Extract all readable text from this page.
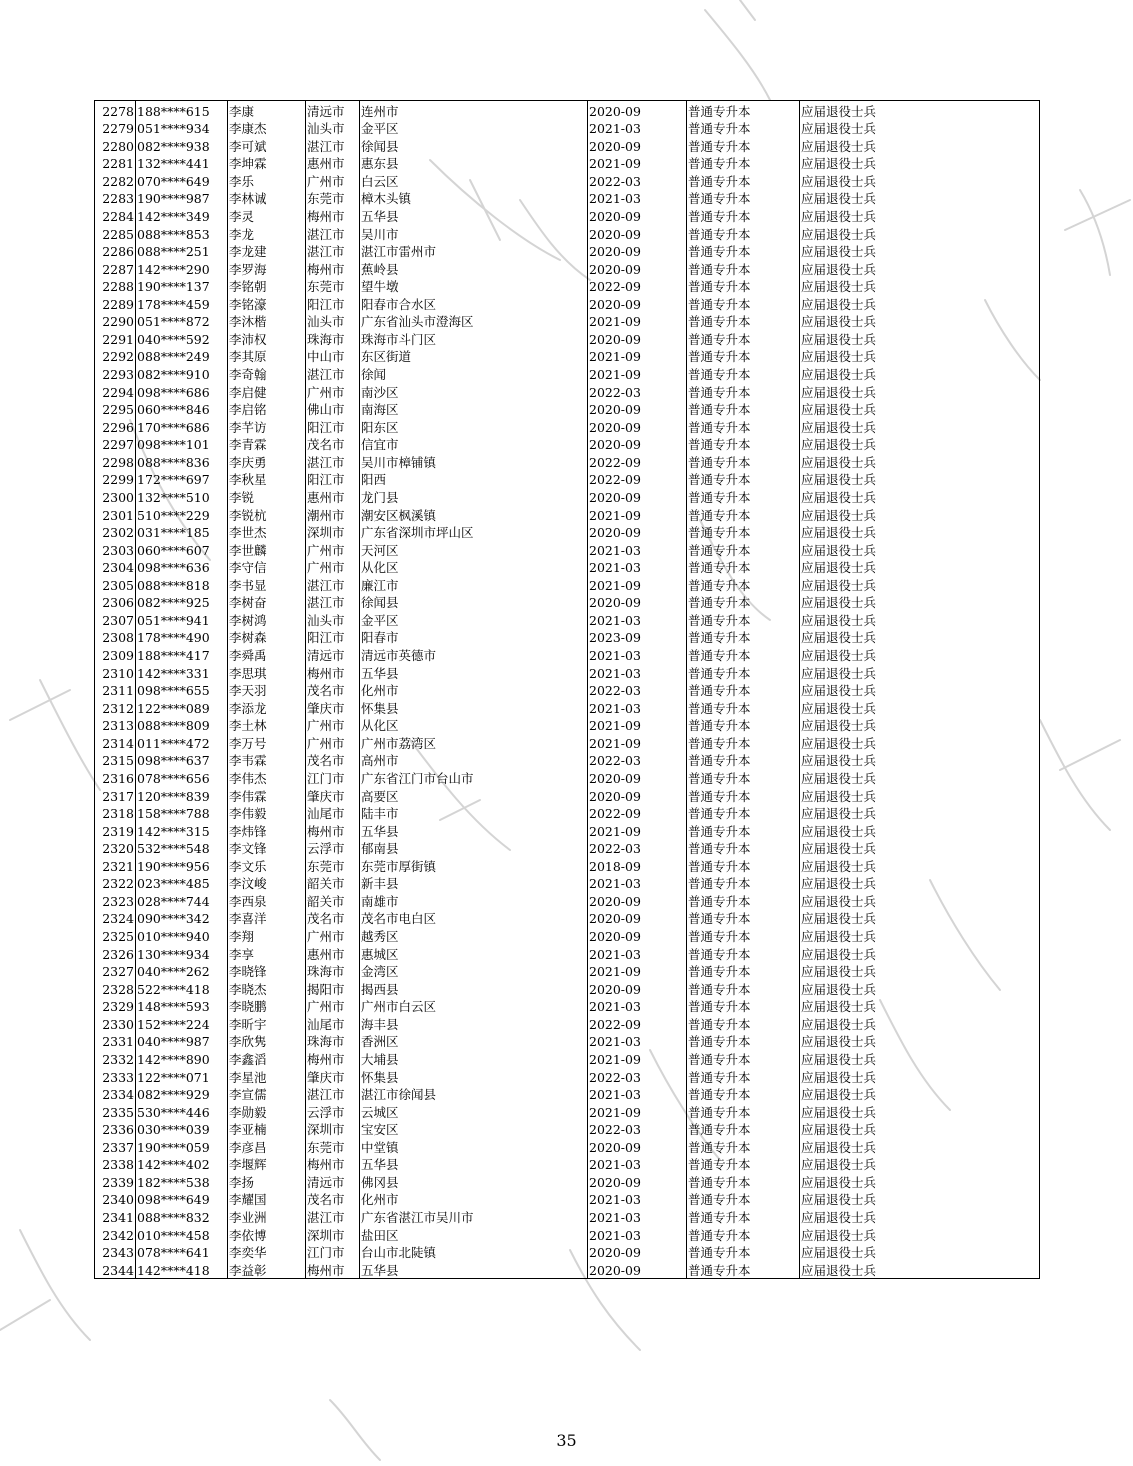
2278	188****615	李康	清远市	连州市	2020-09	普通专升本	应届退役士兵
2279	051****934	李康杰	汕头市	金平区	2021-03	普通专升本	应届退役士兵
2280	082****938	李可斌	湛江市	徐闻县	2020-09	普通专升本	应届退役士兵
2281	132****441	李坤霖	惠州市	惠东县	2021-09	普通专升本	应届退役士兵
2282	070****649	李乐	广州市	白云区	2022-03	普通专升本	应届退役士兵
2283	190****987	李林诚	东莞市	樟木头镇	2021-03	普通专升本	应届退役士兵
2284	142****349	李灵	梅州市	五华县	2020-09	普通专升本	应届退役士兵
2285	088****853	李龙	湛江市	吴川市	2020-09	普通专升本	应届退役士兵
2286	088****251	李龙建	湛江市	湛江市雷州市	2020-09	普通专升本	应届退役士兵
2287	142****290	李罗海	梅州市	蕉岭县	2020-09	普通专升本	应届退役士兵
2288	190****137	李铭朝	东莞市	望牛墩	2022-09	普通专升本	应届退役士兵
2289	178****459	李铭濠	阳江市	阳春市合水区	2020-09	普通专升本	应届退役士兵
2290	051****872	李沐楷	汕头市	广东省汕头市澄海区	2021-09	普通专升本	应届退役士兵
2291	040****592	李沛权	珠海市	珠海市斗门区	2020-09	普通专升本	应届退役士兵
2292	088****249	李其原	中山市	东区街道	2021-09	普通专升本	应届退役士兵
2293	082****910	李奇翰	湛江市	徐闻	2021-09	普通专升本	应届退役士兵
2294	098****686	李启健	广州市	南沙区	2022-03	普通专升本	应届退役士兵
2295	060****846	李启铭	佛山市	南海区	2020-09	普通专升本	应届退役士兵
2296	170****686	李芊访	阳江市	阳东区	2020-09	普通专升本	应届退役士兵
2297	098****101	李青霖	茂名市	信宜市	2020-09	普通专升本	应届退役士兵
2298	088****836	李庆勇	湛江市	吴川市樟铺镇	2022-09	普通专升本	应届退役士兵
2299	172****697	李秋星	阳江市	阳西	2022-09	普通专升本	应届退役士兵
2300	132****510	李锐	惠州市	龙门县	2020-09	普通专升本	应届退役士兵
2301	510****229	李锐杭	潮州市	潮安区枫溪镇	2021-09	普通专升本	应届退役士兵
2302	031****185	李世杰	深圳市	广东省深圳市坪山区	2020-09	普通专升本	应届退役士兵
2303	060****607	李世麟	广州市	天河区	2021-03	普通专升本	应届退役士兵
2304	098****636	李守信	广州市	从化区	2021-03	普通专升本	应届退役士兵
2305	088****818	李书显	湛江市	廉江市	2021-09	普通专升本	应届退役士兵
2306	082****925	李树奋	湛江市	徐闻县	2020-09	普通专升本	应届退役士兵
2307	051****941	李树鸿	汕头市	金平区	2021-03	普通专升本	应届退役士兵
2308	178****490	李树森	阳江市	阳春市	2023-09	普通专升本	应届退役士兵
2309	188****417	李舜禹	清远市	清远市英德市	2021-03	普通专升本	应届退役士兵
2310	142****331	李思琪	梅州市	五华县	2021-03	普通专升本	应届退役士兵
2311	098****655	李天羽	茂名市	化州市	2022-03	普通专升本	应届退役士兵
2312	122****089	李添龙	肇庆市	怀集县	2021-03	普通专升本	应届退役士兵
2313	088****809	李土林	广州市	从化区	2021-09	普通专升本	应届退役士兵
2314	011****472	李万号	广州市	广州市荔湾区	2021-09	普通专升本	应届退役士兵
2315	098****637	李韦霖	茂名市	高州市	2022-03	普通专升本	应届退役士兵
2316	078****656	李伟杰	江门市	广东省江门市台山市	2020-09	普通专升本	应届退役士兵
2317	120****839	李伟霖	肇庆市	高要区	2020-09	普通专升本	应届退役士兵
2318	158****788	李伟毅	汕尾市	陆丰市	2022-09	普通专升本	应届退役士兵
2319	142****315	李炜锋	梅州市	五华县	2021-09	普通专升本	应届退役士兵
2320	532****548	李文锋	云浮市	郁南县	2022-03	普通专升本	应届退役士兵
2321	190****956	李文乐	东莞市	东莞市厚街镇	2018-09	普通专升本	应届退役士兵
2322	023****485	李汶峻	韶关市	新丰县	2021-03	普通专升本	应届退役士兵
2323	028****744	李西泉	韶关市	南雄市	2020-09	普通专升本	应届退役士兵
2324	090****342	李喜洋	茂名市	茂名市电白区	2020-09	普通专升本	应届退役士兵
2325	010****940	李翔	广州市	越秀区	2020-09	普通专升本	应届退役士兵
2326	130****934	李享	惠州市	惠城区	2021-03	普通专升本	应届退役士兵
2327	040****262	李晓锋	珠海市	金湾区	2021-09	普通专升本	应届退役士兵
2328	522****418	李晓杰	揭阳市	揭西县	2020-09	普通专升本	应届退役士兵
2329	148****593	李晓鹏	广州市	广州市白云区	2021-03	普通专升本	应届退役士兵
2330	152****224	李昕宇	汕尾市	海丰县	2022-09	普通专升本	应届退役士兵
2331	040****987	李欣隽	珠海市	香洲区	2021-03	普通专升本	应届退役士兵
2332	142****890	李鑫滔	梅州市	大埔县	2021-09	普通专升本	应届退役士兵
2333	122****071	李星池	肇庆市	怀集县	2022-03	普通专升本	应届退役士兵
2334	082****929	李宣儒	湛江市	湛江市徐闻县	2021-03	普通专升本	应届退役士兵
2335	530****446	李勋毅	云浮市	云城区	2021-09	普通专升本	应届退役士兵
2336	030****039	李亚楠	深圳市	宝安区	2022-03	普通专升本	应届退役士兵
2337	190****059	李彦昌	东莞市	中堂镇	2020-09	普通专升本	应届退役士兵
2338	142****402	李堰辉	梅州市	五华县	2021-03	普通专升本	应届退役士兵
2339	182****538	李扬	清远市	佛冈县	2020-09	普通专升本	应届退役士兵
2340	098****649	李耀国	茂名市	化州市	2021-03	普通专升本	应届退役士兵
2341	088****832	李业洲	湛江市	广东省湛江市吴川市	2021-03	普通专升本	应届退役士兵
2342	010****458	李依博	深圳市	盐田区	2021-03	普通专升本	应届退役士兵
2343	078****641	李奕华	江门市	台山市北陡镇	2020-09	普通专升本	应届退役士兵
2344	142****418	李益彰	梅州市	五华县	2020-09	普通专升本	应届退役士兵
35
